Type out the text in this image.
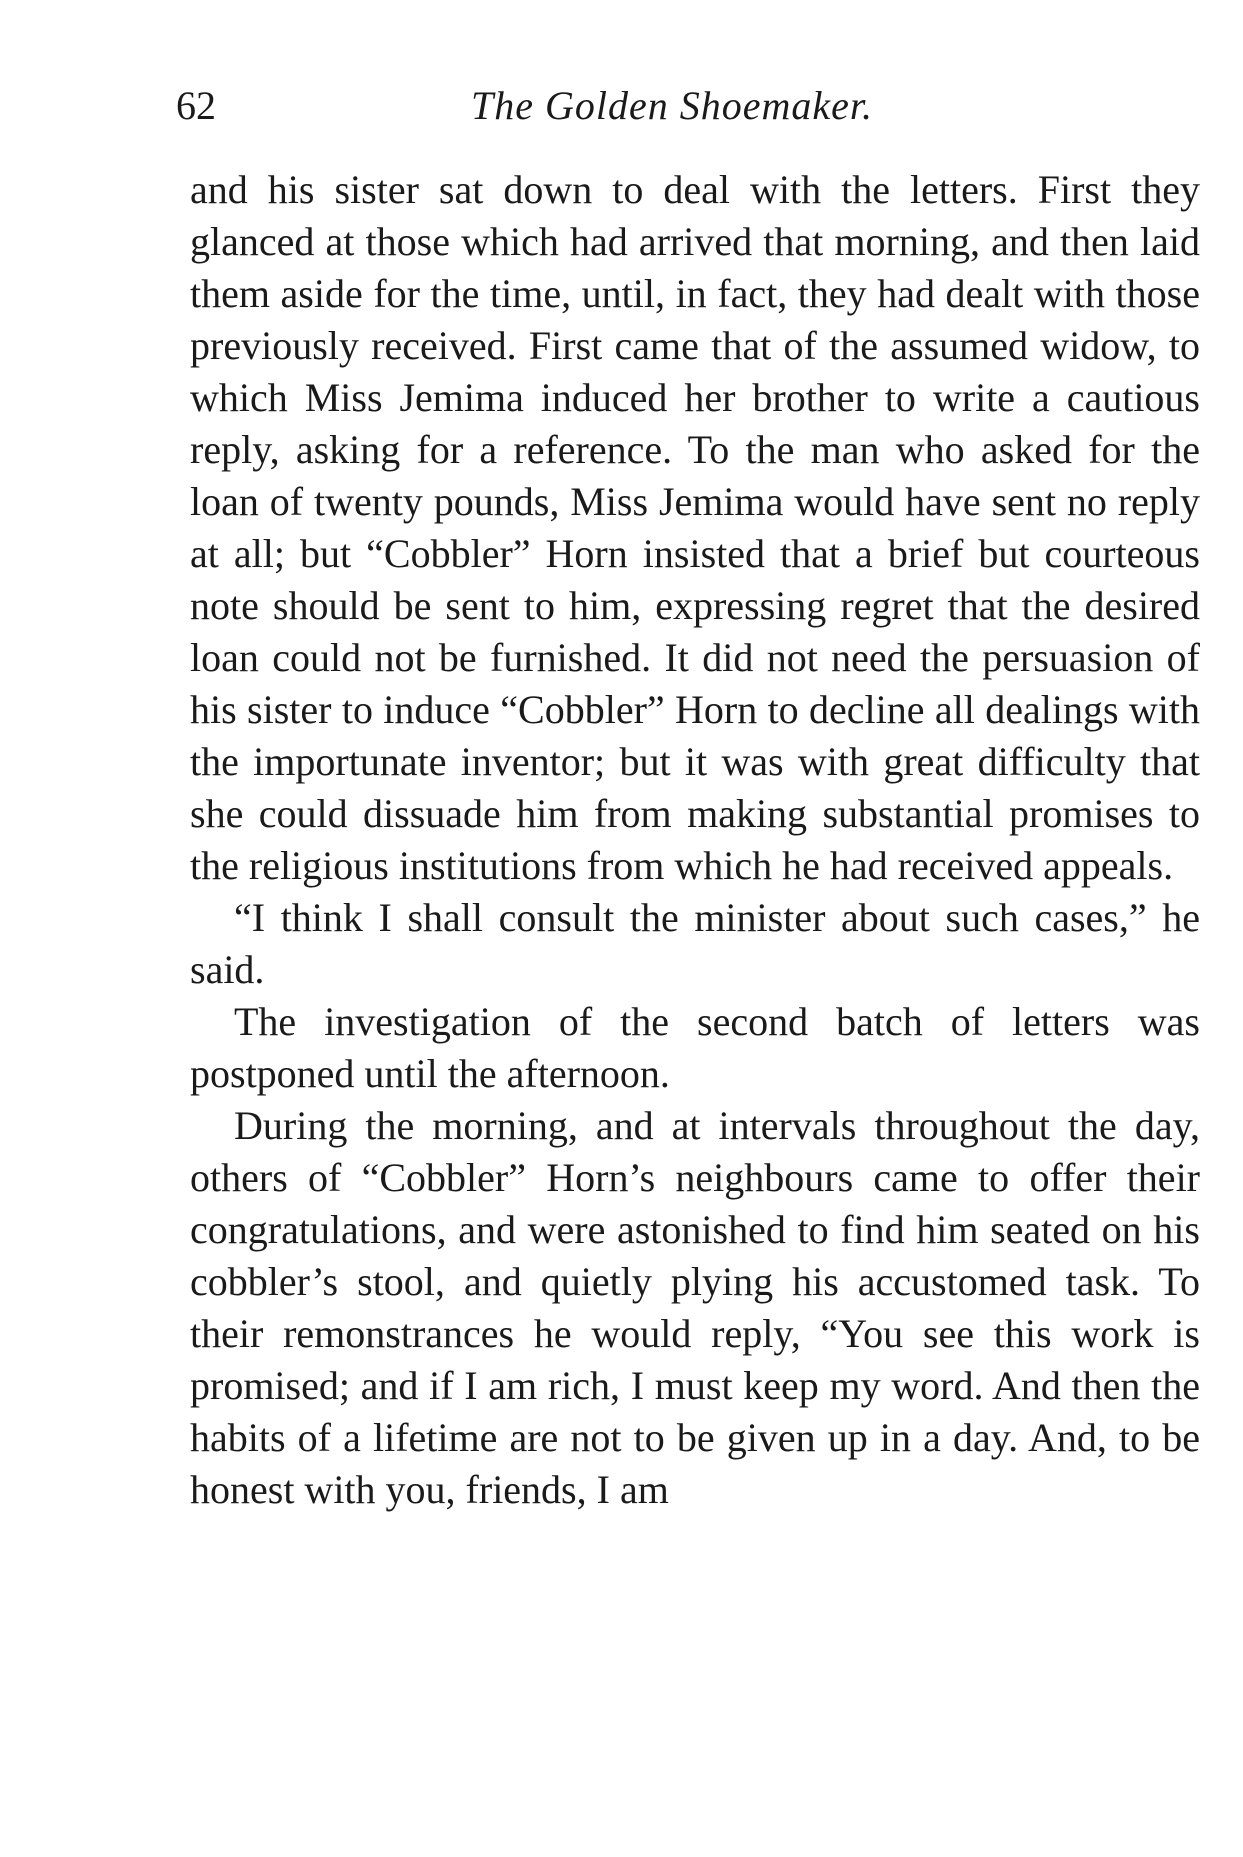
62	The Golden Shoemaker.

and his sister sat down to deal with the letters. First they glanced at those which had arrived that morning, and then laid them aside for the time, until, in fact, they had dealt with those previously received. First came that of the assumed widow, to which Miss Jemima induced her brother to write a cautious reply, asking for a reference. To the man who asked for the loan of twenty pounds, Miss Jemima would have sent no reply at all; but “Cobbler” Horn insisted that a brief but courteous note should be sent to him, expressing regret that the desired loan could not be furnished. It did not need the persuasion of his sister to induce “Cobbler” Horn to decline all dealings with the importunate inventor; but it was with great difficulty that she could dissuade him from making substantial promises to the religious institutions from which he had received appeals.

“I think I shall consult the minister about such cases,” he said.

The investigation of the second batch of letters was postponed until the afternoon.

During the morning, and at intervals throughout the day, others of “Cobbler” Horn’s neighbours came to offer their congratulations, and were astonished to find him seated on his cobbler’s stool, and quietly plying his accustomed task. To their remonstrances he would reply, “You see this work is promised; and if I am rich, I must keep my word. And then the habits of a lifetime are not to be given up in a day. And, to be honest with you, friends, I am
